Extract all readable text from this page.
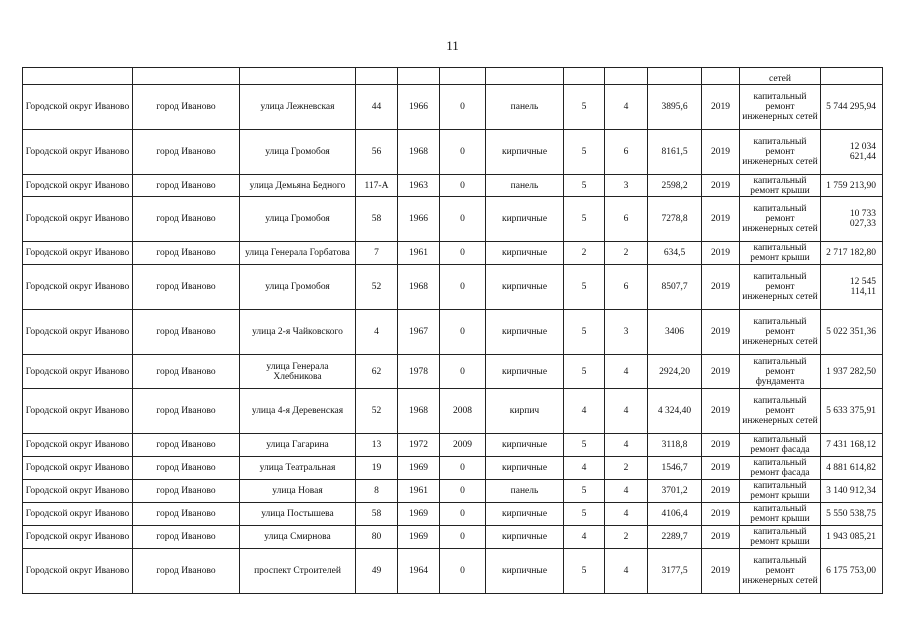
11
											сетей	
Городской округ Иваново	город Иваново	улица Лежневская	44	1966	0	панель	5	4	3895,6	2019	капитальный ремонт инженерных сетей	5 744 295,94
Городской округ Иваново	город Иваново	улица Громобоя	56	1968	0	кирпичные	5	6	8161,5	2019	капитальный ремонт инженерных сетей	12 034 621,44
Городской округ Иваново	город Иваново	улица Демьяна Бедного	117-А	1963	0	панель	5	3	2598,2	2019	капитальный ремонт крыши	1 759 213,90
Городской округ Иваново	город Иваново	улица Громобоя	58	1966	0	кирпичные	5	6	7278,8	2019	капитальный ремонт инженерных сетей	10 733 027,33
Городской округ Иваново	город Иваново	улица Генерала Горбатова	7	1961	0	кирпичные	2	2	634,5	2019	капитальный ремонт крыши	2 717 182,80
Городской округ Иваново	город Иваново	улица Громобоя	52	1968	0	кирпичные	5	6	8507,7	2019	капитальный ремонт инженерных сетей	12 545 114,11
Городской округ Иваново	город Иваново	улица 2-я Чайковского	4	1967	0	кирпичные	5	3	3406	2019	капитальный ремонт инженерных сетей	5 022 351,36
Городской округ Иваново	город Иваново	улица Генерала Хлебникова	62	1978	0	кирпичные	5	4	2924,20	2019	капитальный ремонт фундамента	1 937 282,50
Городской округ Иваново	город Иваново	улица 4-я Деревенская	52	1968	2008	кирпич	4	4	4 324,40	2019	капитальный ремонт инженерных сетей	5 633 375,91
Городской округ Иваново	город Иваново	улица Гагарина	13	1972	2009	кирпичные	5	4	3118,8	2019	капитальный ремонт фасада	7 431 168,12
Городской округ Иваново	город Иваново	улица Театральная	19	1969	0	кирпичные	4	2	1546,7	2019	капитальный ремонт фасада	4 881 614,82
Городской округ Иваново	город Иваново	улица Новая	8	1961	0	панель	5	4	3701,2	2019	капитальный ремонт крыши	3 140 912,34
Городской округ Иваново	город Иваново	улица Постышева	58	1969	0	кирпичные	5	4	4106,4	2019	капитальный ремонт крыши	5 550 538,75
Городской округ Иваново	город Иваново	улица Смирнова	80	1969	0	кирпичные	4	2	2289,7	2019	капитальный ремонт крыши	1 943 085,21
Городской округ Иваново	город Иваново	проспект Строителей	49	1964	0	кирпичные	5	4	3177,5	2019	капитальный ремонт инженерных сетей	6 175 753,00
